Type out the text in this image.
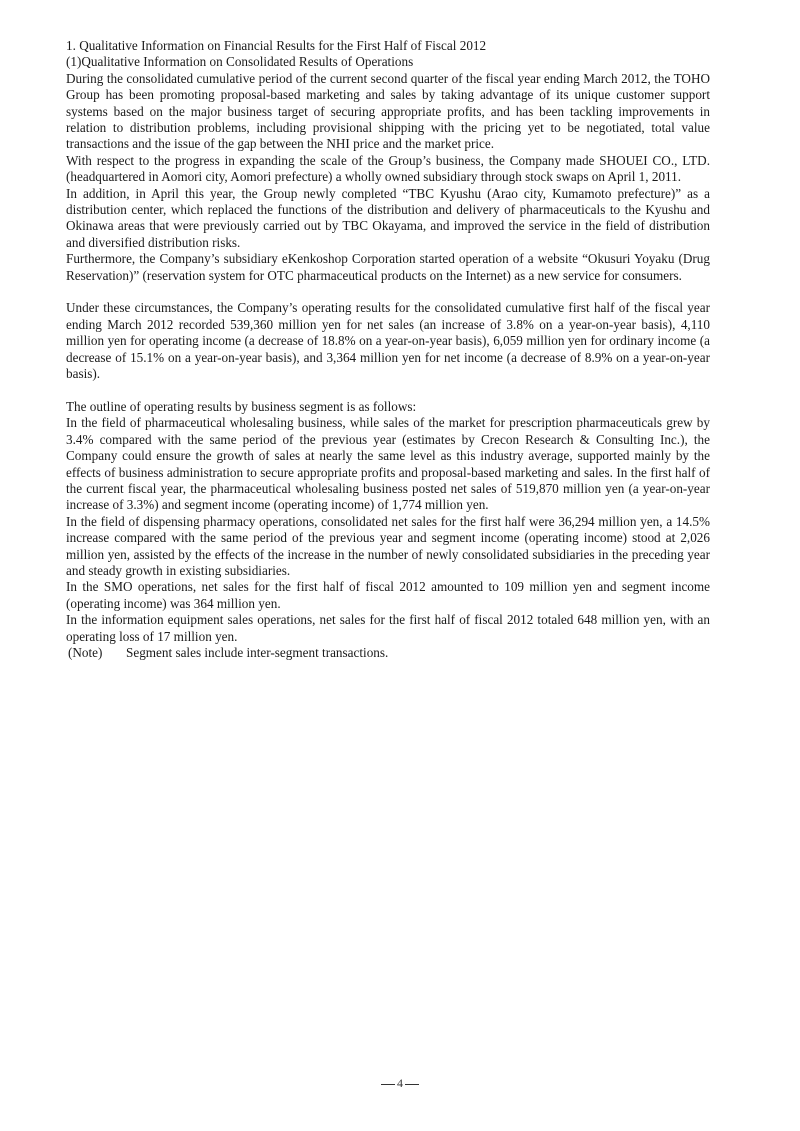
1. Qualitative Information on Financial Results for the First Half of Fiscal 2012

(1)Qualitative Information on Consolidated Results of Operations

During the consolidated cumulative period of the current second quarter of the fiscal year ending March 2012, the TOHO Group has been promoting proposal-based marketing and sales by taking advantage of its unique customer support systems based on the major business target of securing appropriate profits, and has been tackling improvements in relation to distribution problems, including provisional shipping with the pricing yet to be negotiated, total value transactions and the issue of the gap between the NHI price and the market price.

With respect to the progress in expanding the scale of the Group’s business, the Company made SHOUEI CO., LTD. (headquartered in Aomori city, Aomori prefecture) a wholly owned subsidiary through stock swaps on April 1, 2011.

In addition, in April this year, the Group newly completed “TBC Kyushu (Arao city, Kumamoto prefecture)” as a distribution center, which replaced the functions of the distribution and delivery of pharmaceuticals to the Kyushu and Okinawa areas that were previously carried out by TBC Okayama, and improved the service in the field of distribution and diversified distribution risks.

Furthermore, the Company’s subsidiary eKenkoshop Corporation started operation of a website “Okusuri Yoyaku (Drug Reservation)” (reservation system for OTC pharmaceutical products on the Internet) as a new service for consumers.

Under these circumstances, the Company’s operating results for the consolidated cumulative first half of the fiscal year ending March 2012 recorded 539,360 million yen for net sales (an increase of 3.8% on a year-on-year basis), 4,110 million yen for operating income (a decrease of 18.8% on a year-on-year basis), 6,059 million yen for ordinary income (a decrease of 15.1% on a year-on-year basis), and 3,364 million yen for net income (a decrease of 8.9% on a year-on-year basis).

The outline of operating results by business segment is as follows:

In the field of pharmaceutical wholesaling business, while sales of the market for prescription pharmaceuticals grew by 3.4% compared with the same period of the previous year (estimates by Crecon Research & Consulting Inc.), the Company could ensure the growth of sales at nearly the same level as this industry average, supported mainly by the effects of business administration to secure appropriate profits and proposal-based marketing and sales. In the first half of the current fiscal year, the pharmaceutical wholesaling business posted net sales of 519,870 million yen (a year-on-year increase of 3.3%) and segment income (operating income) of 1,774 million yen.

In the field of dispensing pharmacy operations, consolidated net sales for the first half were 36,294 million yen, a 14.5% increase compared with the same period of the previous year and segment income (operating income) stood at 2,026 million yen, assisted by the effects of the increase in the number of newly consolidated subsidiaries in the preceding year and steady growth in existing subsidiaries.

In the SMO operations, net sales for the first half of fiscal 2012 amounted to 109 million yen and segment income (operating income) was 364 million yen.

In the information equipment sales operations, net sales for the first half of fiscal 2012 totaled 648 million yen, with an operating loss of 17 million yen.

(Note) Segment sales include inter-segment transactions.

4
